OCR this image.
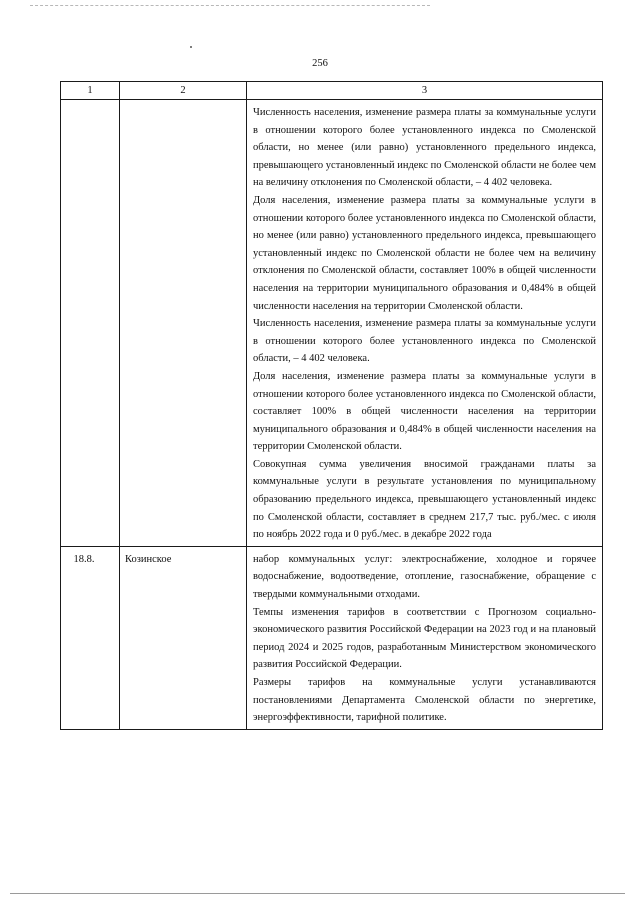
256
1	2	3

		Численность населения, изменение размера платы за коммунальные услуги в отношении которого более установленного индекса по Смоленской области, но менее (или равно) установленного предельного индекса, превышающего установленный индекс по Смоленской области не более чем на величину отклонения по Смоленской области, – 4 402 человека.

Доля населения, изменение размера платы за коммунальные услуги в отношении которого более установленного индекса по Смоленской области, но менее (или равно) установленного предельного индекса, превышающего установленный индекс по Смоленской области не более чем на величину отклонения по Смоленской области, составляет 100% в общей численности населения на территории муниципального образования и 0,484% в общей численности населения на территории Смоленской области.

Численность населения, изменение размера платы за коммунальные услуги в отношении которого более установленного индекса по Смоленской области, – 4 402 человека.

Доля населения, изменение размера платы за коммунальные услуги в отношении которого более установленного индекса по Смоленской области, составляет 100% в общей численности населения на территории муниципального образования и 0,484% в общей численности населения на территории Смоленской области.

Совокупная сумма увеличения вносимой гражданами платы за коммунальные услуги в результате установления по муниципальному образованию предельного индекса, превышающего установленный индекс по Смоленской области, составляет в среднем 217,7 тыс. руб./мес. с июля по ноябрь 2022 года и 0 руб./мес. в декабре 2022 года

18.8.	Козинское	набор коммунальных услуг: электроснабжение, холодное и горячее водоснабжение, водоотведение, отопление, газоснабжение, обращение с твердыми коммунальными отходами.

Темпы изменения тарифов в соответствии с Прогнозом социально-экономического развития Российской Федерации на 2023 год и на плановый период 2024 и 2025 годов, разработанным Министерством экономического развития Российской Федерации.

Размеры тарифов на коммунальные услуги устанавливаются постановлениями Департамента Смоленской области по энергетике, энергоэффективности, тарифной политике.
